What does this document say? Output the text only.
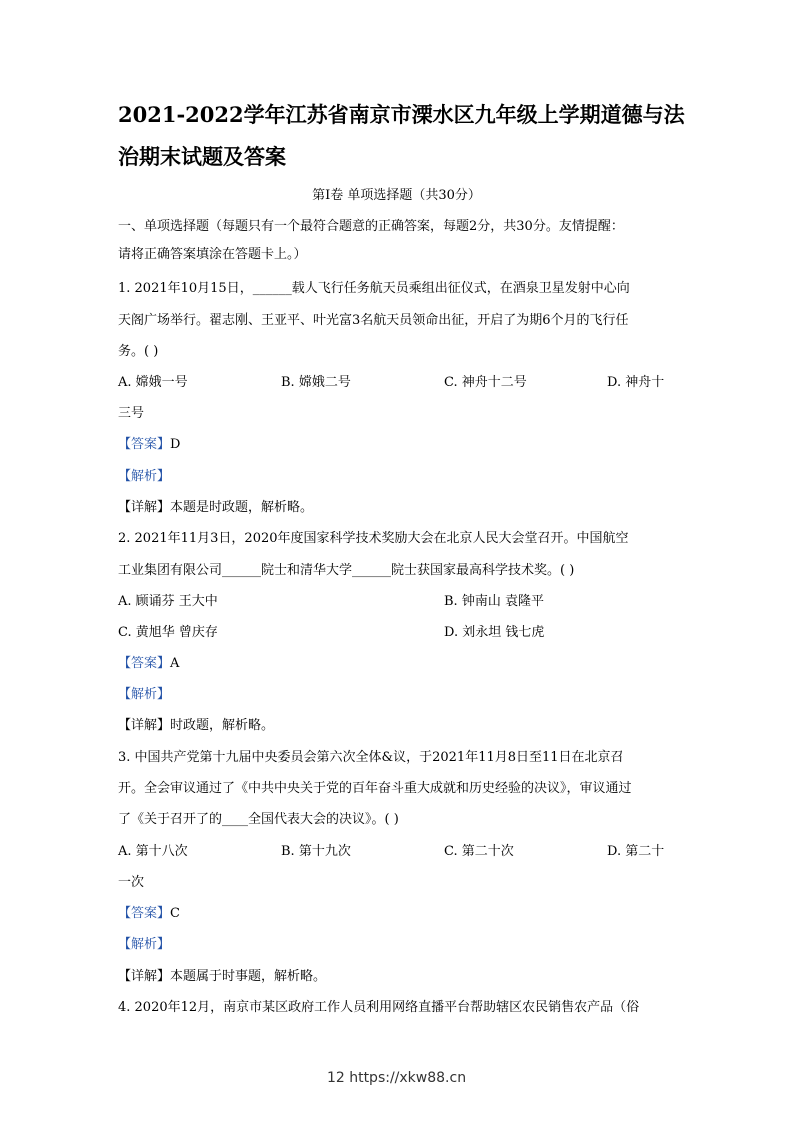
2021-2022学年江苏省南京市溧水区九年级上学期道德与法
治期末试题及答案
第Ⅰ卷 单项选择题（共30分）
一、单项选择题（每题只有一个最符合题意的正确答案，每题2分，共30分。友情提醒：
请将正确答案填涂在答题卡上。）
1. 2021年10月15日，______载人飞行任务航天员乘组出征仪式，在酒泉卫星发射中心向
天阁广场举行。翟志刚、王亚平、叶光富3名航天员领命出征，开启了为期6个月的飞行任
务。( )
A. 嫦娥一号	B. 嫦娥二号	C. 神舟十二号	D. 神舟十
三号
【答案】D
【解析】
【详解】本题是时政题，解析略。
2. 2021年11月3日，2020年度国家科学技术奖励大会在北京人民大会堂召开。中国航空
工业集团有限公司______院士和清华大学______院士获国家最高科学技术奖。( )
A. 顾诵芬 王大中	B. 钟南山 袁隆平
C. 黄旭华 曾庆存	D. 刘永坦 钱七虎
【答案】A
【解析】
【详解】时政题，解析略。
3. 中国共产党第十九届中央委员会第六次全体&议，于2021年11月8日至11日在北京召
开。全会审议通过了《中共中央关于党的百年奋斗重大成就和历史经验的决议》，审议通过
了《关于召开了的____全国代表大会的决议》。( )
A. 第十八次	B. 第十九次	C. 第二十次	D. 第二十
一次
【答案】C
【解析】
【详解】本题属于时事题，解析略。
4. 2020年12月，南京市某区政府工作人员利用网络直播平台帮助辖区农民销售农产品（俗
12 https://xkw88.cn
